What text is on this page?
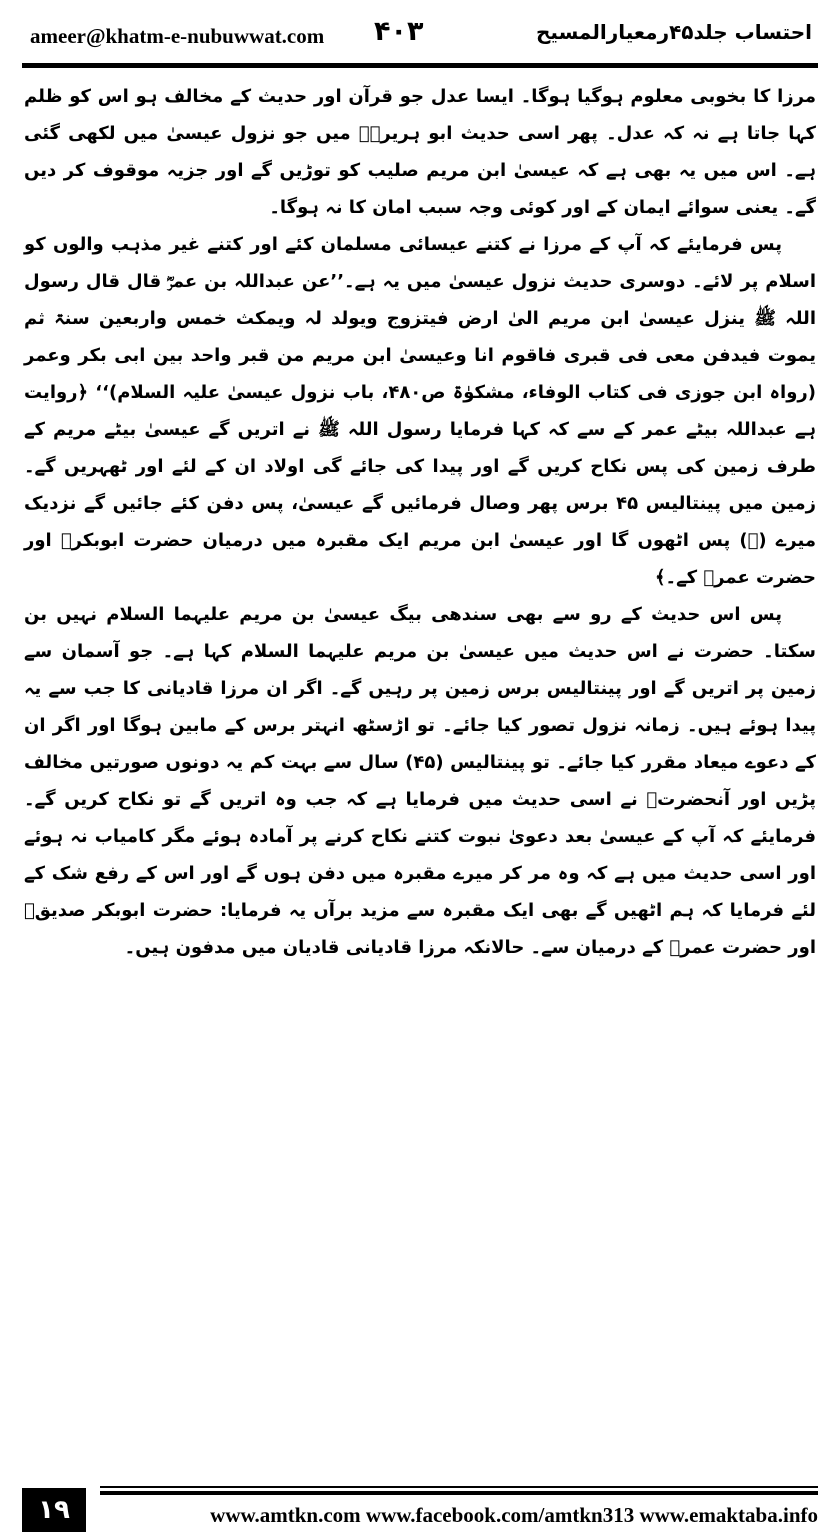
ameer@khatm-e-nubuwwat.com ۴۰۳	احتساب جلد۴۵رمعیارالمسیح

مرزا کا بخوبی معلوم ہوگیا ہوگا۔ ایسا عدل جو قرآن اور حدیث کے مخالف ہو اس کو ظلم کہا جاتا ہے نہ کہ عدل۔ پھر اسی حدیث ابو ہریرہؓ میں جو نزول عیسیٰ میں لکھی گئی ہے۔ اس میں یہ بھی ہے کہ عیسیٰ ابن مریم صلیب کو توڑیں گے اور جزیہ موقوف کر دیں گے۔ یعنی سوائے ایمان کے اور کوئی وجہ سبب امان کا نہ ہوگا۔

پس فرمایئے کہ آپ کے مرزا نے کتنے عیسائی مسلمان کئے اور کتنے غیر مذہب والوں کو اسلام پر لائے۔ دوسری حدیث نزول عیسیٰ میں یہ ہے۔’’عن عبداللہ بن عمرؓ قال قال رسول اللہ ﷺ ینزل عیسیٰ ابن مریم الیٰ ارض فیتزوج ویولد لہ ویمکث خمس واربعین سنۃ ثم یموت فیدفن معی فی قبری فاقوم انا وعیسیٰ ابن مریم من قبر واحد بین ابی بکر وعمر (رواہ ابن جوزی فی کتاب الوفاء، مشکوٰۃ ص۴۸۰، باب نزول عیسیٰ علیہ السلام)‘‘ ﴿روایت ہے عبداللہ بیٹے عمر کے سے کہ کہا فرمایا رسول اللہ ﷺ نے اتریں گے عیسیٰ بیٹے مریم کے طرف زمین کی پس نکاح کریں گے اور پیدا کی جائے گی اولاد ان کے لئے اور ٹھہریں گے۔ زمین میں پینتالیس ۴۵ برس پھر وصال فرمائیں گے عیسیٰ، پس دفن کئے جائیں گے نزدیک میرے (ﷺ) پس اٹھوں گا اور عیسیٰ ابن مریم ایک مقبرہ میں درمیان حضرت ابوبکرؓ اور حضرت عمرؓ کے۔﴾

پس اس حدیث کے رو سے بھی سندھی بیگ عیسیٰ بن مریم علیہما السلام نہیں بن سکتا۔ حضرت نے اس حدیث میں عیسیٰ بن مریم علیہما السلام کہا ہے۔ جو آسمان سے زمین پر اتریں گے اور پینتالیس برس زمین پر رہیں گے۔ اگر ان مرزا قادیانی کا جب سے یہ پیدا ہوئے ہیں۔ زمانہ نزول تصور کیا جائے۔ تو اڑسٹھ انہتر برس کے مابین ہوگا اور اگر ان کے دعوے میعاد مقرر کیا جائے۔ تو پینتالیس (۴۵) سال سے بہت کم یہ دونوں صورتیں مخالف پڑیں اور آنحضرتﷺ نے اسی حدیث میں فرمایا ہے کہ جب وہ اتریں گے تو نکاح کریں گے۔ فرمایئے کہ آپ کے عیسیٰ بعد دعویٰ نبوت کتنے نکاح کرنے پر آمادہ ہوئے مگر کامیاب نہ ہوئے اور اسی حدیث میں ہے کہ وہ مر کر میرے مقبرہ میں دفن ہوں گے اور اس کے رفع شک کے لئے فرمایا کہ ہم اٹھیں گے بھی ایک مقبرہ سے مزید برآں یہ فرمایا: حضرت ابوبکر صدیقؓ اور حضرت عمرؓ کے درمیان سے۔ حالانکہ مرزا قادیانی قادیان میں مدفون ہیں۔

۱۹	www.amtkn.com www.facebook.com/amtkn313 www.emaktaba.info
